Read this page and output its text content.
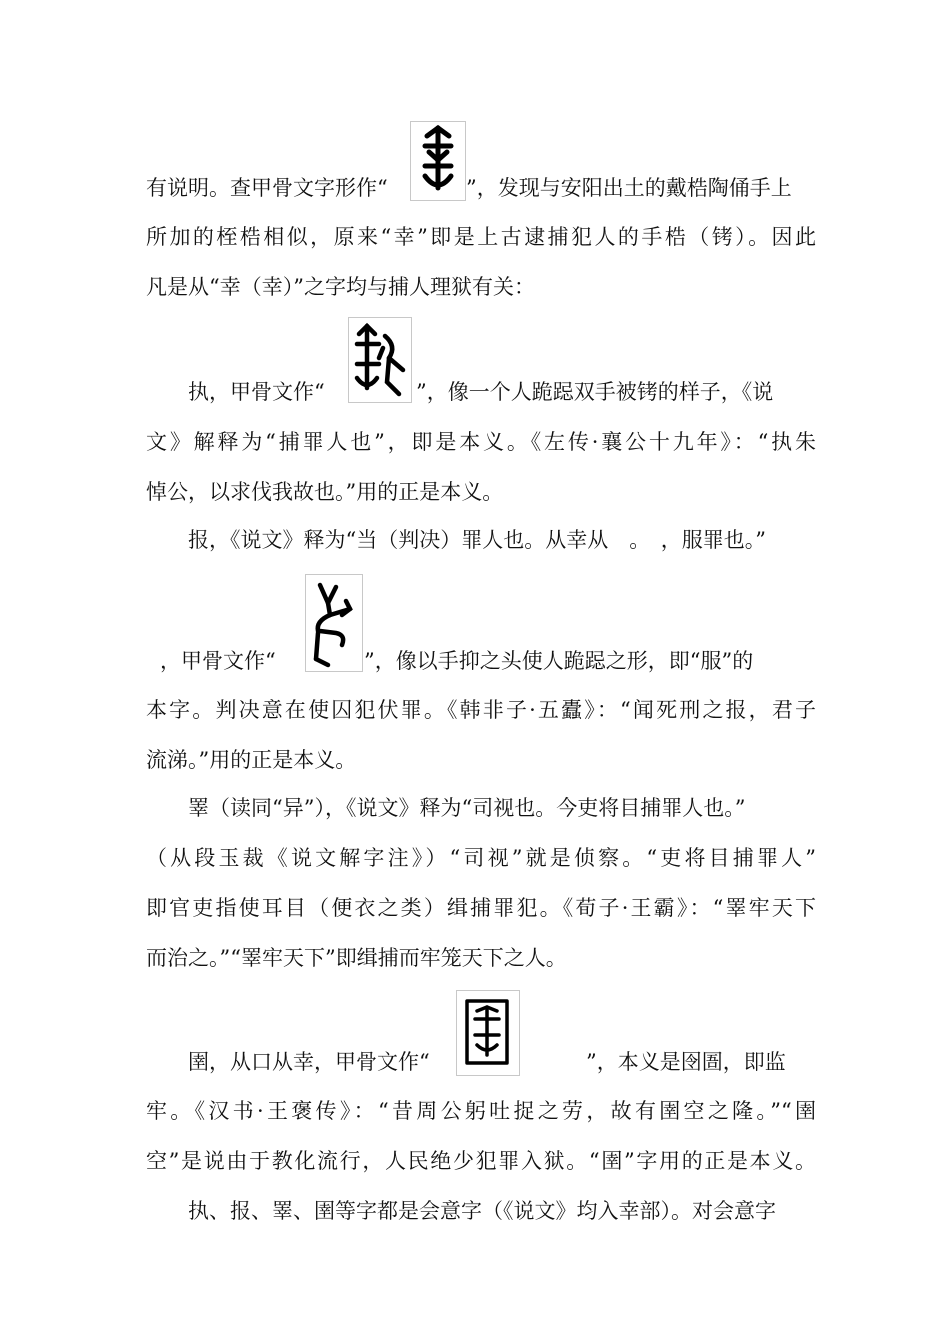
有说明。查甲骨文字形作“	”，发现与安阳出土的戴梏陶俑手上
所加的桎梏相似，原来“幸”即是上古逮捕犯人的手梏（铐）。因此
凡是从“幸（幸）”之字均与捕人理狱有关：
执，甲骨文作“	”，像一个人跪跽双手被铐的样子，《说
文》解释为“捕罪人也”，即是本义。《左传·襄公十九年》：“执朱
悼公，以求伐我故也。”用的正是本义。
报，《说文》释为“当（判决）罪人也。从幸从　。　，服罪也。”
，甲骨文作“	”，像以手抑之头使人跪跽之形，即“服”的
本字。判决意在使囚犯伏罪。《韩非子·五蠹》：“闻死刑之报，君子
流涕。”用的正是本义。
睪（读同“异”），《说文》释为“司视也。今吏将目捕罪人也。”
（从段玉裁《说文解字注》）“司视”就是侦察。“吏将目捕罪人”
即官吏指使耳目（便衣之类）缉捕罪犯。《荀子·王霸》：“睪牢天下
而治之。”“睪牢天下”即缉捕而牢笼天下之人。
圉，从口从幸，甲骨文作“	”，本义是囹圄，即监
牢。《汉书·王褒传》：“昔周公躬吐捉之劳，故有圉空之隆。”“圉
空”是说由于教化流行，人民绝少犯罪入狱。“圉”字用的正是本义。
执、报、睪、圉等字都是会意字（《说文》均入幸部）。对会意字
